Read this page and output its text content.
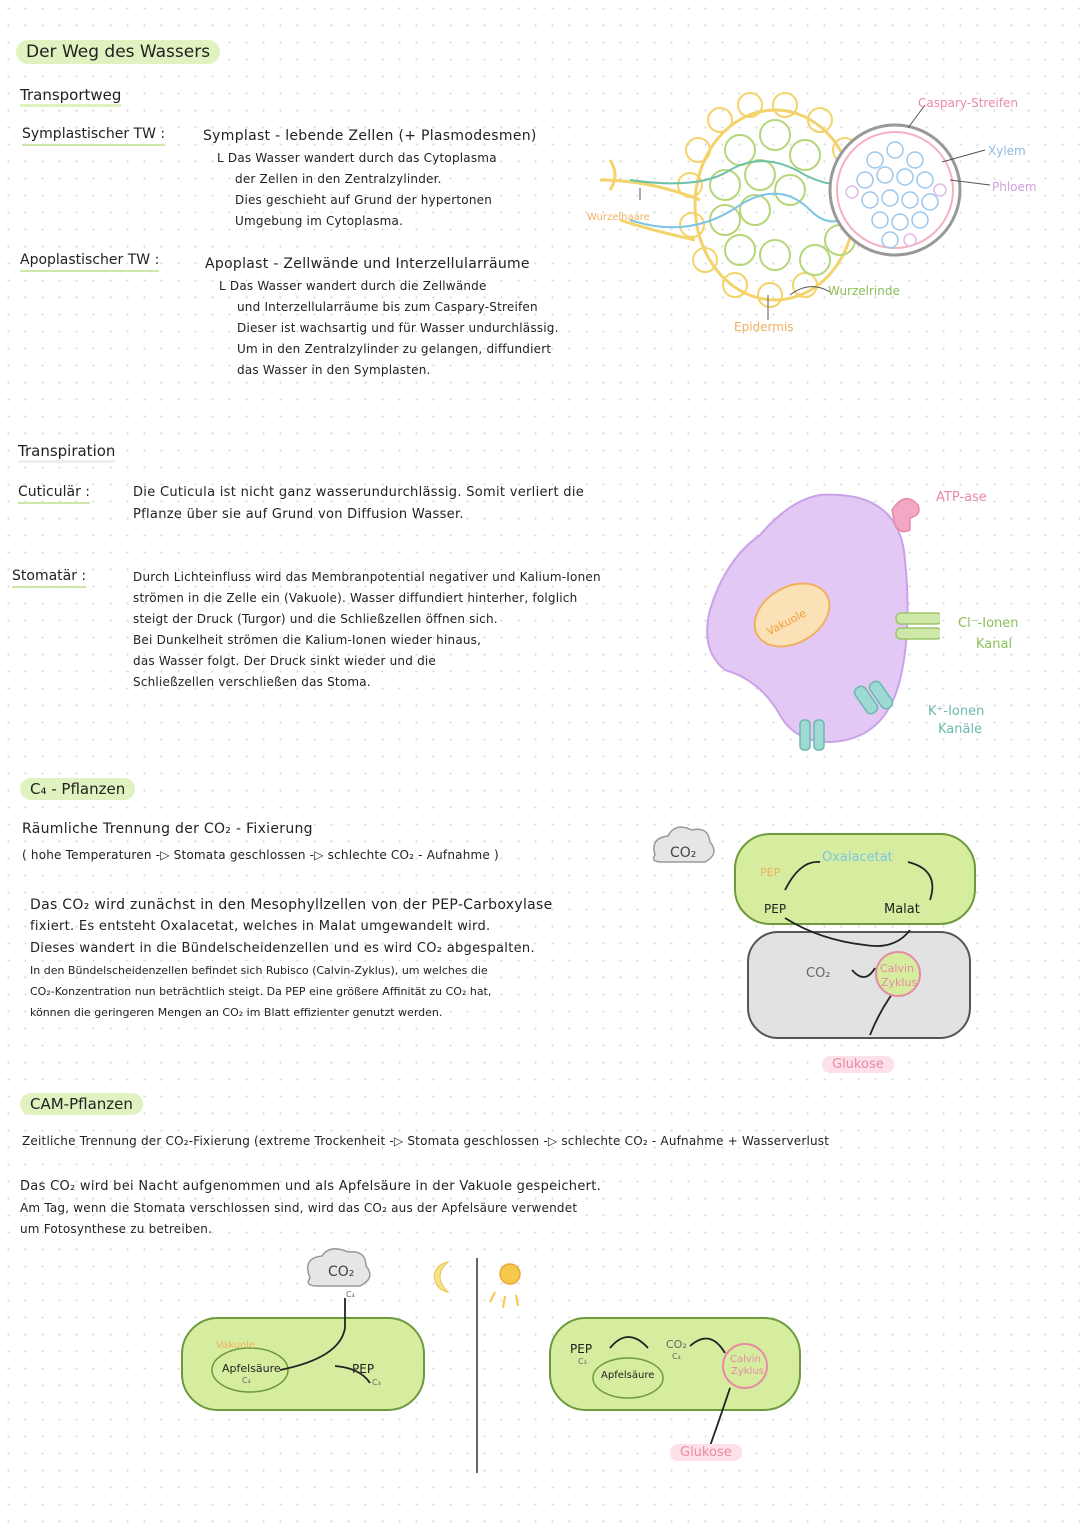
Der Weg des Wassers
Transportweg
Symplastischer TW :	Symplast - lebende Zellen (+ Plasmodesmen)
L Das Wasser wandert durch das Cytoplasma
der Zellen in den Zentralzylinder.
Dies geschieht auf Grund der hypertonen
Umgebung im Cytoplasma.
Apoplastischer TW :	Apoplast - Zellwände und Interzellularräume
L Das Wasser wandert durch die Zellwände
und Interzellularräume bis zum Caspary-Streifen
Dieser ist wachsartig und für Wasser undurchlässig.
Um in den Zentralzylinder zu gelangen, diffundiert
das Wasser in den Symplasten.
Caspary-Streifen
Xylem
Phloem
Wurzelhaare
Wurzelrinde
Epidermis
Transpiration
Cuticulär :	Die Cuticula ist nicht ganz wasserundurchlässig. Somit verliert die
Pflanze über sie auf Grund von Diffusion Wasser.
Stomatär :	Durch Lichteinfluss wird das Membranpotential negativer und Kalium-Ionen
strömen in die Zelle ein (Vakuole). Wasser diffundiert hinterher, folglich
steigt der Druck (Turgor) und die Schließzellen öffnen sich.
Bei Dunkelheit strömen die Kalium-Ionen wieder hinaus,
das Wasser folgt. Der Druck sinkt wieder und die
Schließzellen verschließen das Stoma.
Vakuole
ATP-ase
Cl⁻-Ionen
Kanal
K⁺-Ionen
Kanäle
C₄ - Pflanzen
Räumliche Trennung der CO₂ - Fixierung
( hohe Temperaturen -▷ Stomata geschlossen -▷ schlechte CO₂ - Aufnahme )
Das CO₂ wird zunächst in den Mesophyllzellen von der PEP-Carboxylase
fixiert. Es entsteht Oxalacetat, welches in Malat umgewandelt wird.
Dieses wandert in die Bündelscheidenzellen und es wird CO₂ abgespalten.
In den Bündelscheidenzellen befindet sich Rubisco (Calvin-Zyklus), um welches die
CO₂-Konzentration nun beträchtlich steigt. Da PEP eine größere Affinität zu CO₂ hat,
können die geringeren Mengen an CO₂ im Blatt effizienter genutzt werden.
CO₂
PEP
Oxalacetat
PEP	Malat
CO₂	Calvin
Zyklus
Glukose
CAM-Pflanzen
Zeitliche Trennung der CO₂-Fixierung (extreme Trockenheit -▷ Stomata geschlossen -▷ schlechte CO₂ - Aufnahme + Wasserverlust
Das CO₂ wird bei Nacht aufgenommen und als Apfelsäure in der Vakuole gespeichert.
Am Tag, wenn die Stomata verschlossen sind, wird das CO₂ aus der Apfelsäure verwendet
um Fotosynthese zu betreiben.
CO₂
C₄
Vakuole
Apfelsäure
C₄
PEP
C₃
PEP
C₃
CO₂
C₄
Apfelsäure
Calvin
Zyklus
Glukose
